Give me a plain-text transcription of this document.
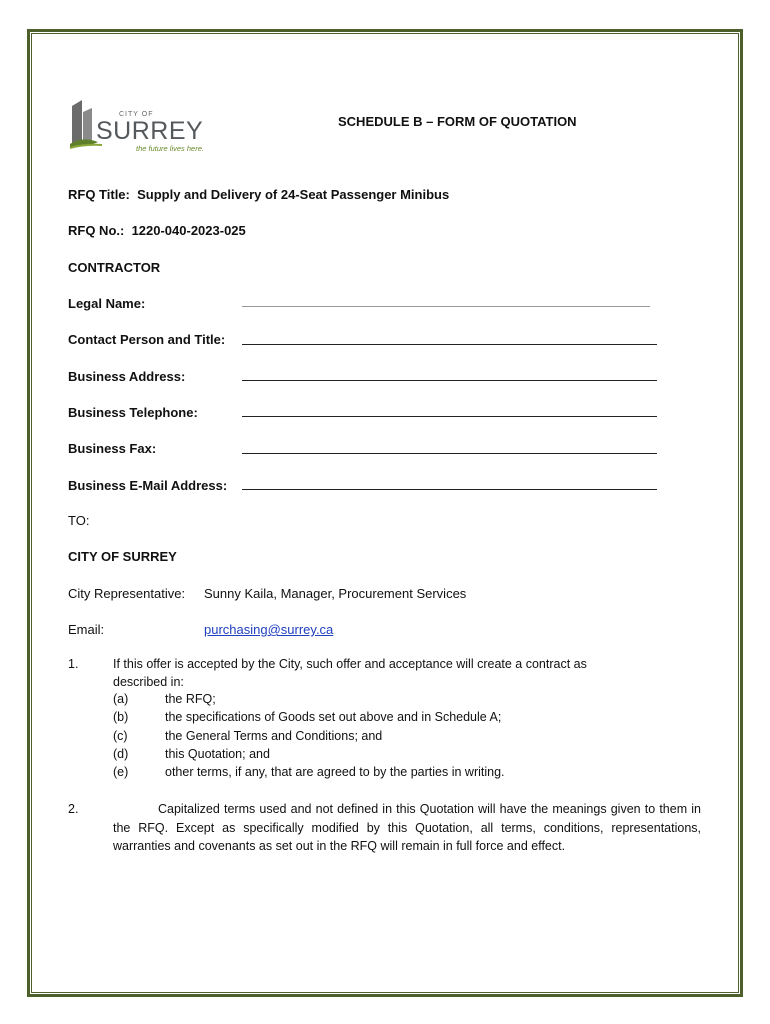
CITY OF
SURREY
the future lives here.
SCHEDULE B – FORM OF QUOTATION
RFQ Title: Supply and Delivery of 24-Seat Passenger Minibus
RFQ No.: 1220-040-2023-025
CONTRACTOR
Legal Name:
Contact Person and Title:
Business Address:
Business Telephone:
Business Fax:
Business E-Mail Address:
TO:
CITY OF SURREY
City Representative: Sunny Kaila, Manager, Procurement Services
Email:	purchasing@surrey.ca
1.	If this offer is accepted by the City, such offer and acceptance will create a contract as
described in:
(a)	the RFQ;
(b)	the specifications of Goods set out above and in Schedule A;
(c)	the General Terms and Conditions; and
(d)	this Quotation; and
(e)	other terms, if any, that are agreed to by the parties in writing.
2.	Capitalized terms used and not defined in this Quotation will have the meanings given to them in the RFQ. Except as specifically modified by this Quotation, all terms, conditions, representations, warranties and covenants as set out in the RFQ will remain in full force and effect.
